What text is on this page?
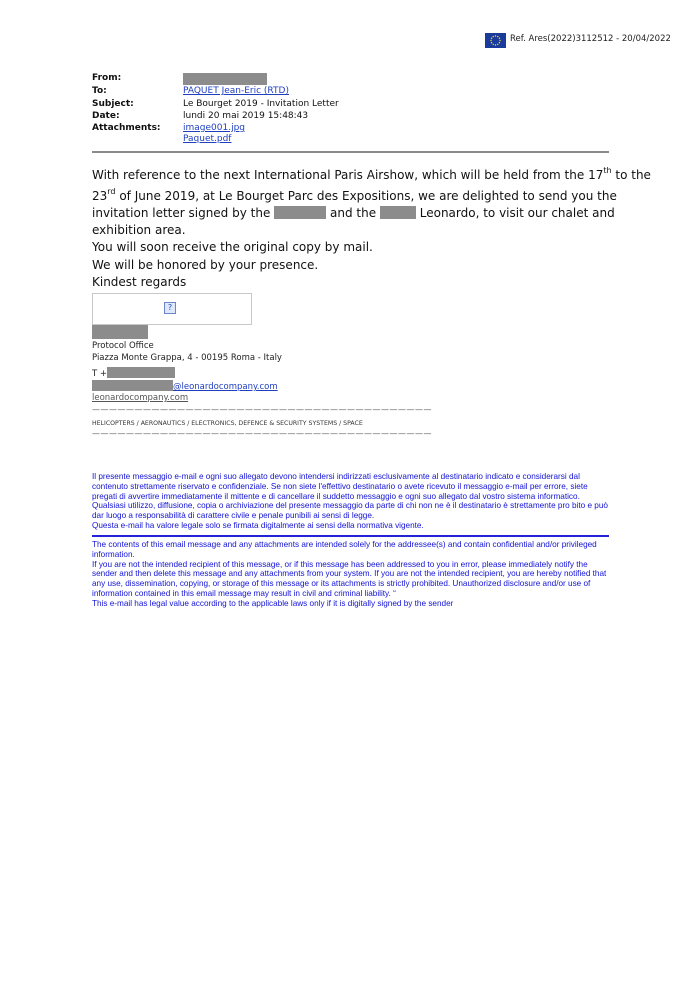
Ref. Ares(2022)3112512 - 20/04/2022
From:
To:	PAQUET Jean-Eric (RTD)
Subject:	Le Bourget 2019 - Invitation Letter
Date:	lundi 20 mai 2019 15:48:43
Attachments: image001.jpg
Paquet.pdf
With reference to the next International Paris Airshow, which will be held from the 17th to the
23rd of June 2019, at Le Bourget Parc des Expositions, we are delighted to send you the
invitation letter signed by the	and the	Leonardo, to visit our chalet and
exhibition area.
You will soon receive the original copy by mail.
We will be honored by your presence.
Kindest regards
?
Protocol Office
Piazza Monte Grappa, 4 - 00195 Roma - Italy
T +
@leonardocompany.com
leonardocompany.com
————————————————————————————————————————
HELICOPTERS / AERONAUTICS / ELECTRONICS, DEFENCE & SECURITY SYSTEMS / SPACE
————————————————————————————————————————
Il presente messaggio e-mail e ogni suo allegato devono intendersi indirizzati esclusivamente al destinatario indicato e considerarsi dal contenuto strettamente riservato e confidenziale. Se non siete l'effettivo destinatario o avete ricevuto il messaggio e-mail per errore, siete pregati di avvertire immediatamente il mittente e di cancellare il suddetto messaggio e ogni suo allegato dal vostro sistema informatico. Qualsiasi utilizzo, diffusione, copia o archiviazione del presente messaggio da parte di chi non ne è il destinatario è strettamente pro bito e può dar luogo a responsabilità di carattere civile e penale punibili ai sensi di legge.
Questa e-mail ha valore legale solo se firmata digitalmente ai sensi della normativa vigente.
The contents of this email message and any attachments are intended solely for the addressee(s) and contain confidential and/or privileged information.
If you are not the intended recipient of this message, or if this message has been addressed to you in error, please immediately notify the sender and then delete this message and any attachments from your system. If you are not the intended recipient, you are hereby notified that any use, dissemination, copying, or storage of this message or its attachments is strictly prohibited. Unauthorized disclosure and/or use of information contained in this email message may result in civil and criminal liability. “
This e-mail has legal value according to the applicable laws only if it is digitally signed by the sender
